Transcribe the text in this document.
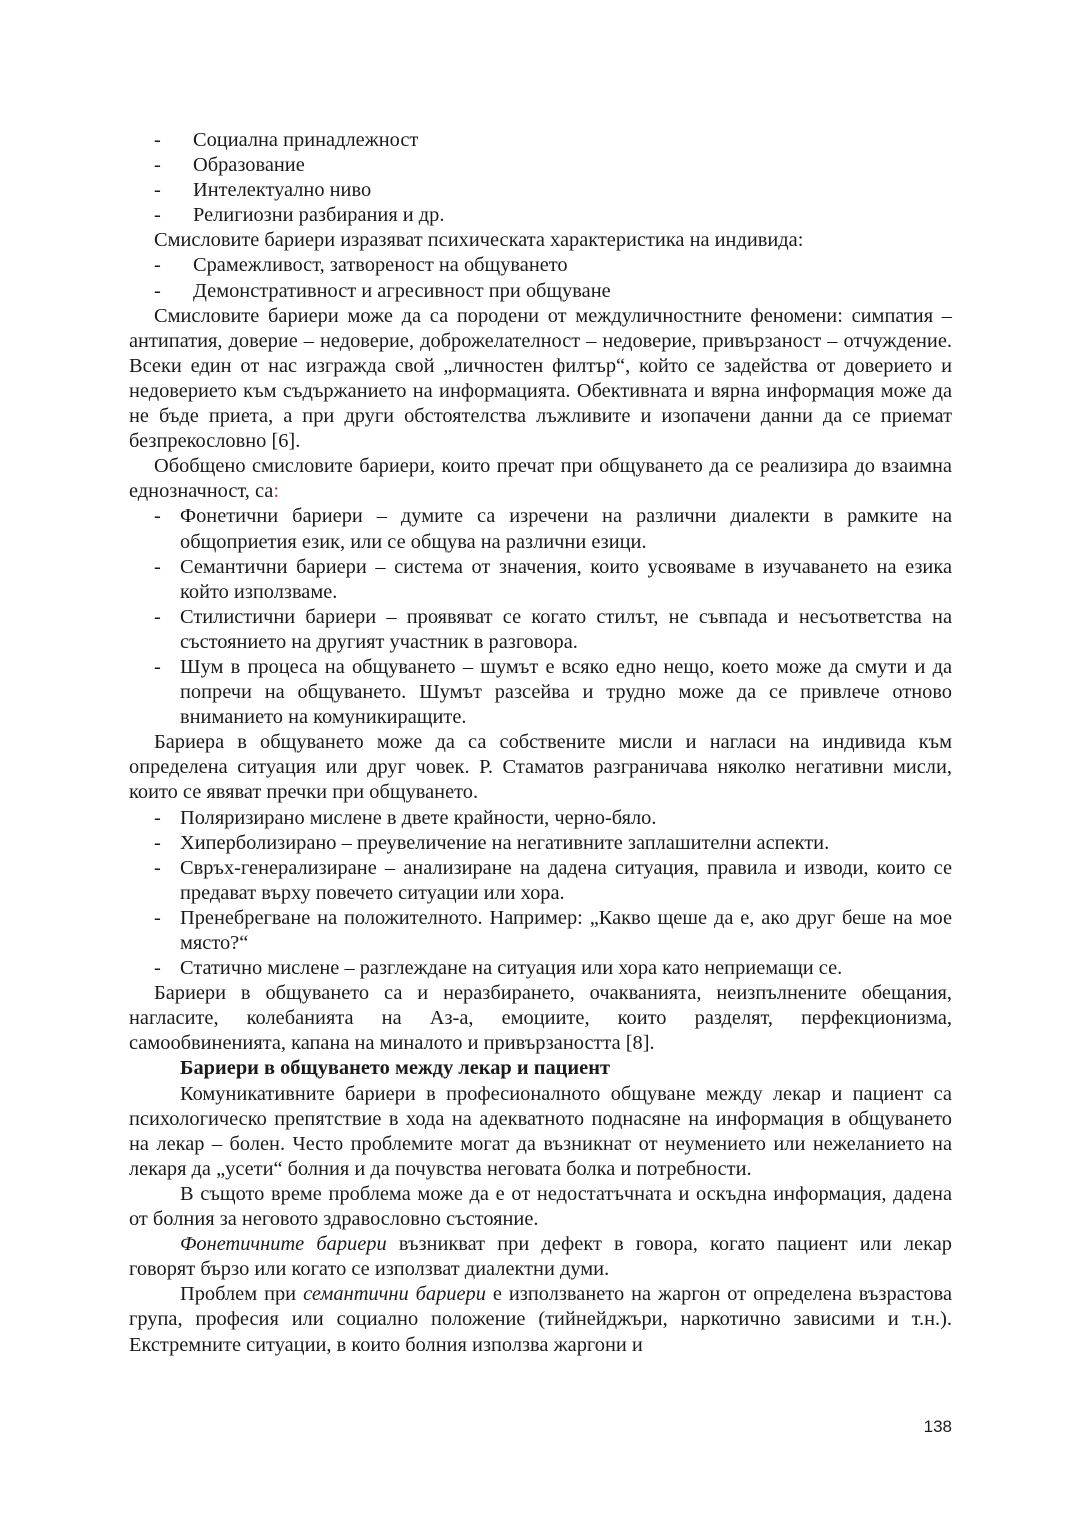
- Социална принадлежност
- Образование
- Интелектуално ниво
- Религиозни разбирания и др.

Смисловите бариери изразяват психическата характеристика на индивида:

- Срамежливост, затвореност на общуването
- Демонстративност и агресивност при общуване

Смисловите бариери може да са породени от междуличностните феномени: симпатия – антипатия, доверие – недоверие, доброжелателност – недоверие, привързаност – отчуждение. Всеки един от нас изгражда свой „личностен филтър“, който се задейства от доверието и недоверието към съдържанието на информацията. Обективната и вярна информация може да не бъде приета, а при други обстоятелства лъжливите и изопачени данни да се приемат безпрекословно [6].

Обобщено смисловите бариери, които пречат при общуването да се реализира до взаимна еднозначност, са:

- Фонетични бариери – думите са изречени на различни диалекти в рамките на общоприетия език, или се общува на различни езици.
- Семантични бариери – система от значения, които усвояваме в изучаването на езика който използваме.
- Стилистични бариери – проявяват се когато стилът, не съвпада и несъответства на състоянието на другият участник в разговора.
- Шум в процеса на общуването – шумът е всяко едно нещо, което може да смути и да попречи на общуването. Шумът разсейва и трудно може да се привлече отново вниманието на комуникиращите.

Бариера в общуването може да са собствените мисли и нагласи на индивида към определена ситуация или друг човек. Р. Стаматов разграничава няколко негативни мисли, които се явяват пречки при общуването.

- Поляризирано мислене в двете крайности, черно-бяло.
- Хиперболизирано – преувеличение на негативните заплашителни аспекти.
- Свръх-генерализиране – анализиране на дадена ситуация, правила и изводи, които се предават върху повечето ситуации или хора.
- Пренебрегване на положителното. Например: „Какво щеше да е, ако друг беше на мое място?“
- Статично мислене – разглеждане на ситуация или хора като неприемащи се.

Бариери в общуването са и неразбирането, очакванията, неизпълнените обещания, нагласите, колебанията на Аз-а, емоциите, които разделят, перфекционизма, самообвиненията, капана на миналото и привързаността [8].

Бариери в общуването между лекар и пациент

Комуникативните бариери в професионалното общуване между лекар и пациент са психологическо препятствие в хода на адекватното поднасяне на информация в общуването на лекар – болен. Често проблемите могат да възникнат от неумението или нежеланието на лекаря да „усети“ болния и да почувства неговата болка и потребности.

В същото време проблема може да е от недостатъчната и оскъдна информация, дадена от болния за неговото здравословно състояние.

Фонетичните бариери възникват при дефект в говора, когато пациент или лекар говорят бързо или когато се използват диалектни думи.

Проблем при семантични бариери е използването на жаргон от определена възрастова група, професия или социално положение (тийнейджъри, наркотично зависими и т.н.). Екстремните ситуации, в които болния използва жаргони и

138
